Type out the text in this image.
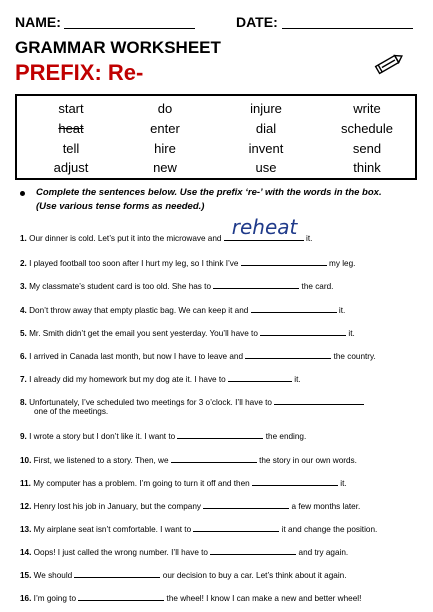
NAME:	DATE:
GRAMMAR WORKSHEET
PREFIX: Re-
start	do	injure	write
heat	enter	dial	schedule
tell	hire	invent	send
adjust	new	use	think
Complete the sentences below. Use the prefix ‘re-’ with the words in the box.
(Use various tense forms as needed.)
1. Our dinner is cold. Let’s put it into the microwave and reheat it.
2. I played football too soon after I hurt my leg, so I think I’ve	my leg.
3. My classmate’s student card is too old. She has to	the card.
4. Don’t throw away that empty plastic bag. We can keep it and	it.
5. Mr. Smith didn’t get the email you sent yesterday. You’ll have to	it.
6. I arrived in Canada last month, but now I have to leave and	the country.
7. I already did my homework but my dog ate it. I have to	it.
8. Unfortunately, I’ve scheduled two meetings for 3 o’clock. I’ll have to
one of the meetings.
9. I wrote a story but I don’t like it. I want to	the ending.
10. First, we listened to a story. Then, we	the story in our own words.
11. My computer has a problem. I’m going to turn it off and then	it.
12. Henry lost his job in January, but the company	a few months later.
13. My airplane seat isn’t comfortable. I want to	it and change the position.
14. Oops! I just called the wrong number. I’ll have to	and try again.
15. We should	our decision to buy a car. Let’s think about it again.
16. I’m going to	the wheel! I know I can make a new and better wheel!
